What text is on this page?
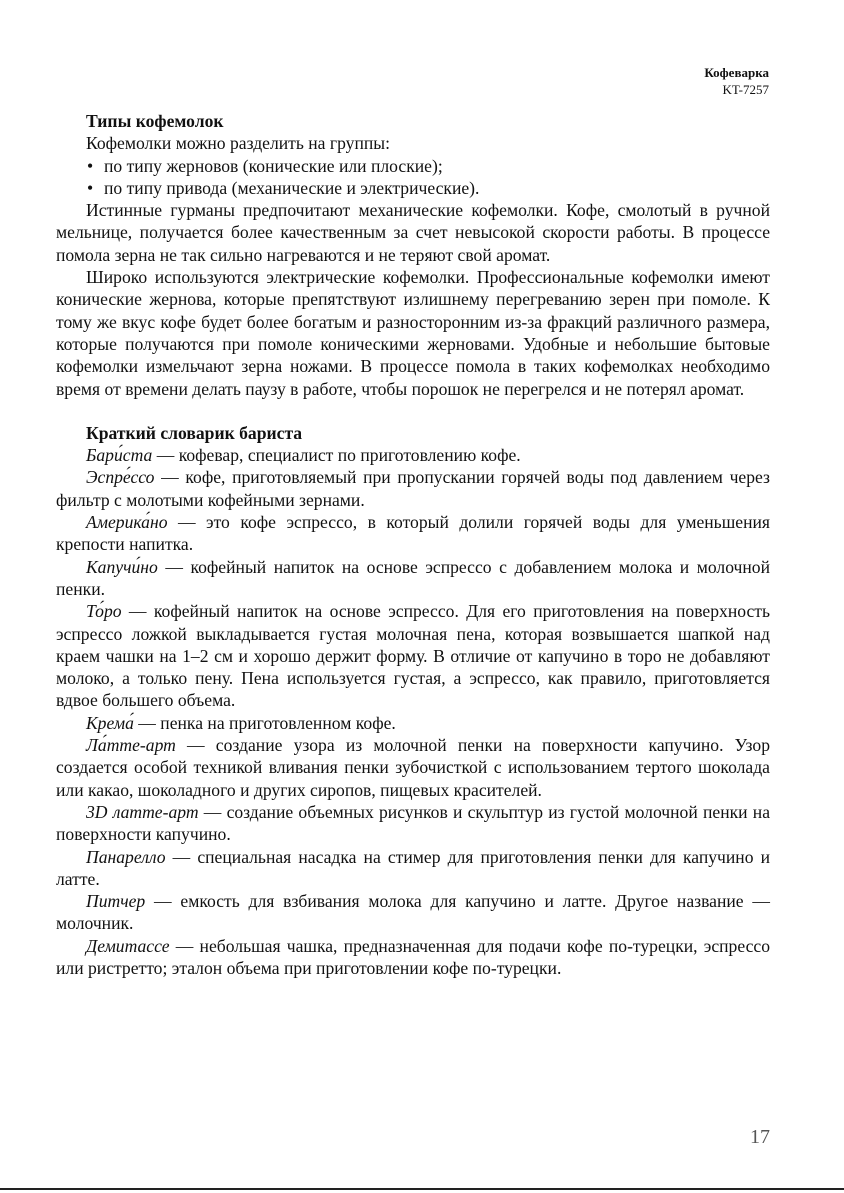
Кофеварка
KT-7257

Типы кофемолок

Кофемолки можно разделить на группы:

• по типу жерновов (конические или плоские);
• по типу привода (механические и электрические).

Истинные гурманы предпочитают механические кофемолки. Кофе, смолотый в ручной мельнице, получается более качественным за счет невысокой скорости работы. В процессе помола зерна не так сильно нагреваются и не теряют свой аромат.

Широко используются электрические кофемолки. Профессиональные кофемолки имеют конические жернова, которые препятствуют излишнему перегреванию зерен при помоле. К тому же вкус кофе будет более богатым и разносторонним из-за фракций различного размера, которые получаются при помоле коническими жерновами. Удобные и небольшие бытовые кофемолки измельчают зерна ножами. В процессе помола в таких кофемолках необходимо время от времени делать паузу в работе, чтобы порошок не перегрелся и не потерял аромат.

Краткий словарик бариста

Бари́ста — кофевар, специалист по приготовлению кофе.

Эспре́ссо — кофе, приготовляемый при пропускании горячей воды под давлением через фильтр с молотыми кофейными зернами.

Америка́но — это кофе эспрессо, в который долили горячей воды для уменьшения крепости напитка.

Капучи́но — кофейный напиток на основе эспрессо с добавлением молока и молочной пенки.

То́ро — кофейный напиток на основе эспрессо. Для его приготовления на поверхность эспрессо ложкой выкладывается густая молочная пена, которая возвышается шапкой над краем чашки на 1–2 см и хорошо держит форму. В отличие от капучино в торо не добавляют молоко, а только пену. Пена используется густая, а эспрессо, как правило, приготовляется вдвое большего объема.

Крема́ — пенка на приготовленном кофе.

Ла́тте-арт — создание узора из молочной пенки на поверхности капучино. Узор создается особой техникой вливания пенки зубочисткой с использованием тертого шоколада или какао, шоколадного и других сиропов, пищевых красителей.

3D латте-арт — создание объемных рисунков и скульптур из густой молочной пенки на поверхности капучино.

Панарелло — специальная насадка на стимер для приготовления пенки для капучино и латте.

Питчер — емкость для взбивания молока для капучино и латте. Другое название — молочник.

Демитассе — небольшая чашка, предназначенная для подачи кофе по-турецки, эспрессо или ристретто; эталон объема при приготовлении кофе по-турецки.

17
